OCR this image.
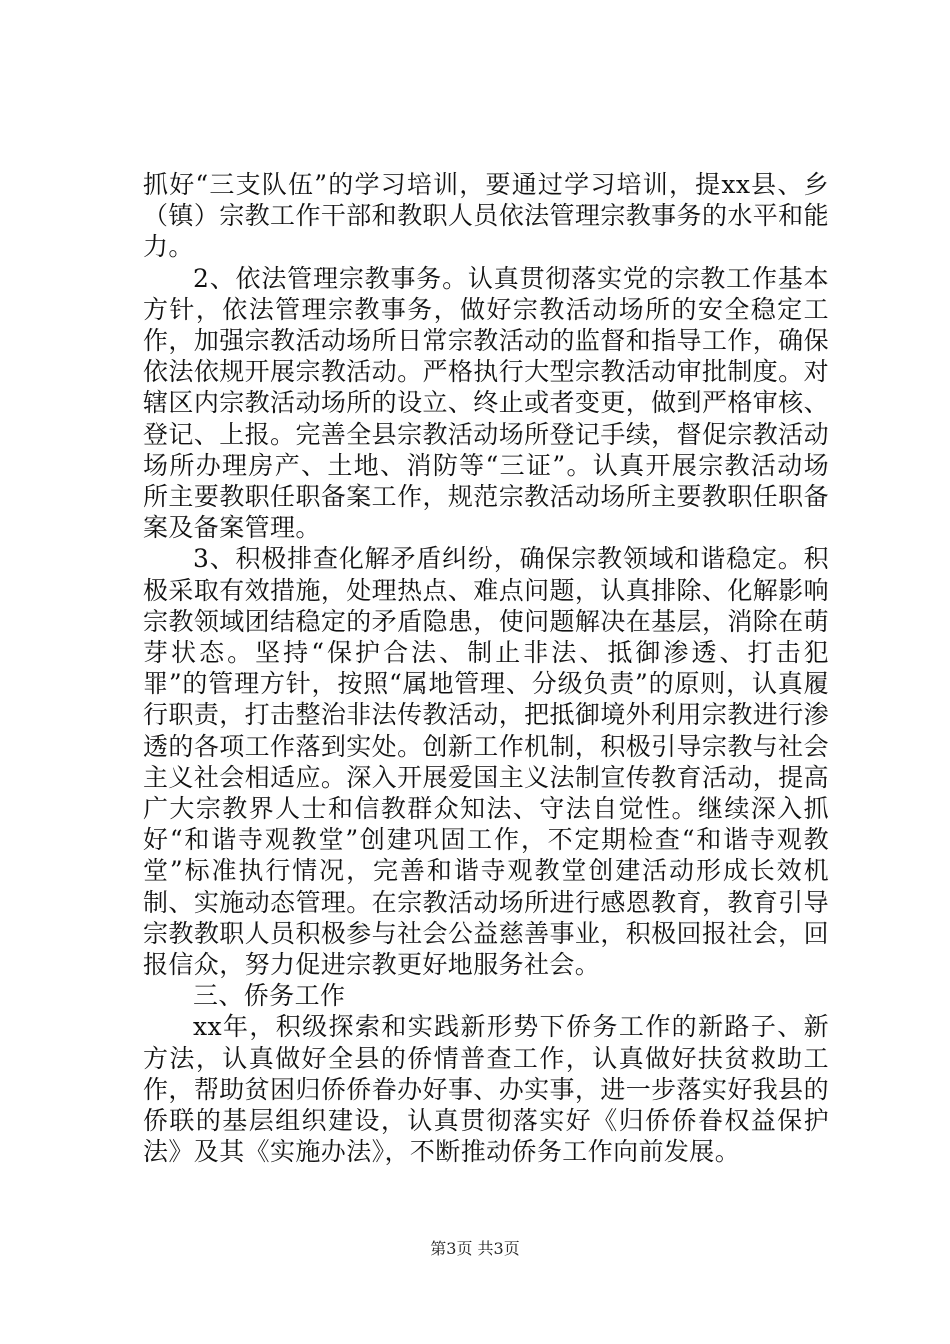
抓好“三支队伍”的学习培训，要通过学习培训，提xx县、乡（镇）宗教工作干部和教职人员依法管理宗教事务的水平和能力。

2、依法管理宗教事务。认真贯彻落实党的宗教工作基本方针，依法管理宗教事务，做好宗教活动场所的安全稳定工作，加强宗教活动场所日常宗教活动的监督和指导工作，确保依法依规开展宗教活动。严格执行大型宗教活动审批制度。对辖区内宗教活动场所的设立、终止或者变更，做到严格审核、登记、上报。完善全县宗教活动场所登记手续，督促宗教活动场所办理房产、土地、消防等“三证”。认真开展宗教活动场所主要教职任职备案工作，规范宗教活动场所主要教职任职备案及备案管理。

3、积极排查化解矛盾纠纷，确保宗教领域和谐稳定。积极采取有效措施，处理热点、难点问题，认真排除、化解影响宗教领域团结稳定的矛盾隐患，使问题解决在基层，消除在萌芽状态。坚持“保护合法、制止非法、抵御渗透、打击犯罪”的管理方针，按照“属地管理、分级负责”的原则，认真履行职责，打击整治非法传教活动，把抵御境外利用宗教进行渗透的各项工作落到实处。创新工作机制，积极引导宗教与社会主义社会相适应。深入开展爱国主义法制宣传教育活动，提高广大宗教界人士和信教群众知法、守法自觉性。继续深入抓好“和谐寺观教堂”创建巩固工作，不定期检查“和谐寺观教堂”标准执行情况，完善和谐寺观教堂创建活动形成长效机制、实施动态管理。在宗教活动场所进行感恩教育，教育引导宗教教职人员积极参与社会公益慈善事业，积极回报社会，回报信众，努力促进宗教更好地服务社会。

三、侨务工作

xx年，积级探索和实践新形势下侨务工作的新路子、新方法，认真做好全县的侨情普查工作，认真做好扶贫救助工作，帮助贫困归侨侨眷办好事、办实事，进一步落实好我县的侨联的基层组织建设，认真贯彻落实好《归侨侨眷权益保护法》及其《实施办法》，不断推动侨务工作向前发展。

第3页 共3页
